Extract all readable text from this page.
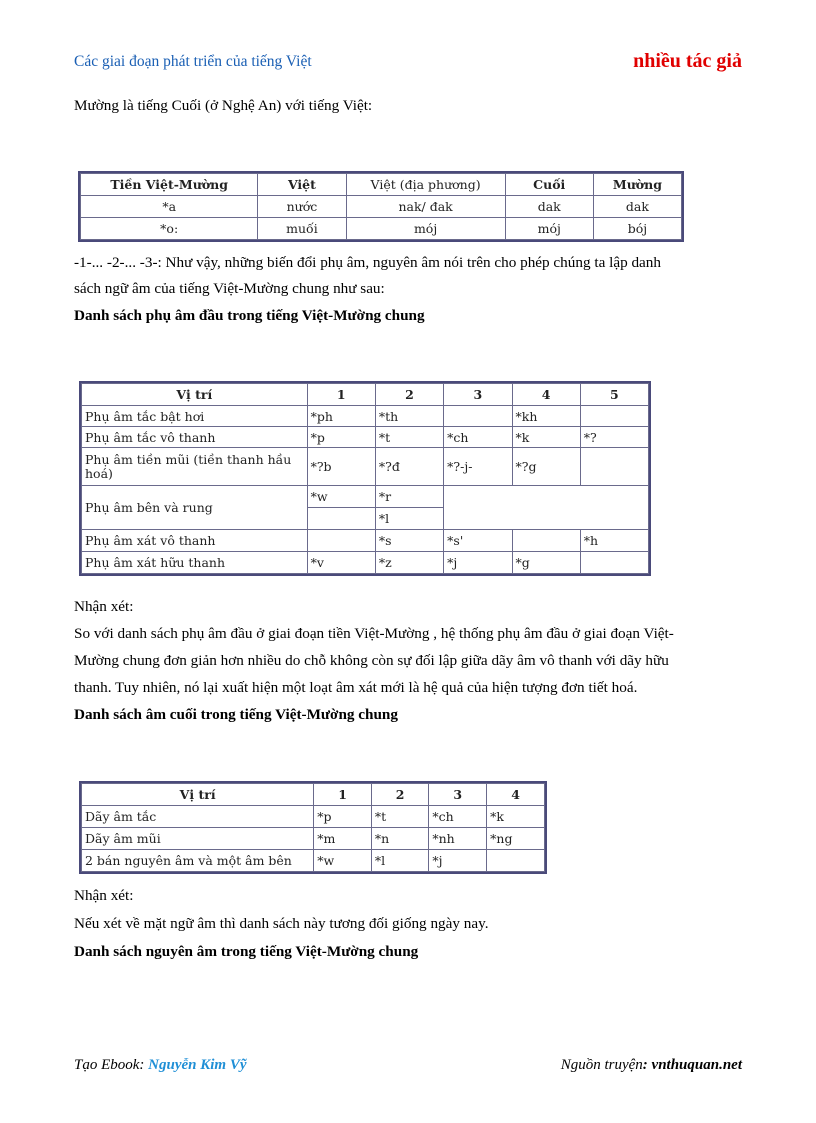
Các giai đoạn phát triển của tiếng Việt	nhiều tác giả
Mường là tiếng Cuối (ở Nghệ An) với tiếng Việt:
Tiền Việt-Mường	Việt	Việt (địa phương)	Cuối	Mường
*a	nước	nak/ đak	dak	dak
*o:	muối	mój	mój	bój
-1-... -2-... -3-: Như vậy, những biến đổi phụ âm, nguyên âm nói trên cho phép chúng ta lập danh
sách ngữ âm của tiếng Việt-Mường chung như sau:
Danh sách phụ âm đầu trong tiếng Việt-Mường chung
Vị trí	1	2	3	4	5
Phụ âm tắc bật hơi	*ph	*th		*kh	
Phụ âm tắc vô thanh	*p	*t	*ch	*k	*?
Phụ âm tiền mũi (tiền thanh hầu hoá)	*?b	*?đ	*?-j-	*?g	
Phụ âm bên và rung	*w	*r			
		*l			
Phụ âm xát vô thanh		*s	*s'		*h
Phụ âm xát hữu thanh	*v	*z	*j	*g	
Nhận xét:
So với danh sách phụ âm đầu ở giai đoạn tiền Việt-Mường , hệ thống phụ âm đầu ở giai đoạn Việt-
Mường chung đơn giản hơn nhiều do chỗ không còn sự đối lập giữa dãy âm vô thanh với dãy hữu
thanh. Tuy nhiên, nó lại xuất hiện một loạt âm xát mới là hệ quả của hiện tượng đơn tiết hoá.
Danh sách âm cuối trong tiếng Việt-Mường chung
Vị trí	1	2	3	4
Dãy âm tắc	*p	*t	*ch	*k
Dãy âm mũi	*m	*n	*nh	*ng
2 bán nguyên âm và một âm bên	*w	*l	*j	
Nhận xét:
Nếu xét về mặt ngữ âm thì danh sách này tương đối giống ngày nay.
Danh sách nguyên âm trong tiếng Việt-Mường chung
Tạo Ebook: Nguyễn Kim Vỹ	Nguồn truyện: vnthuquan.net
